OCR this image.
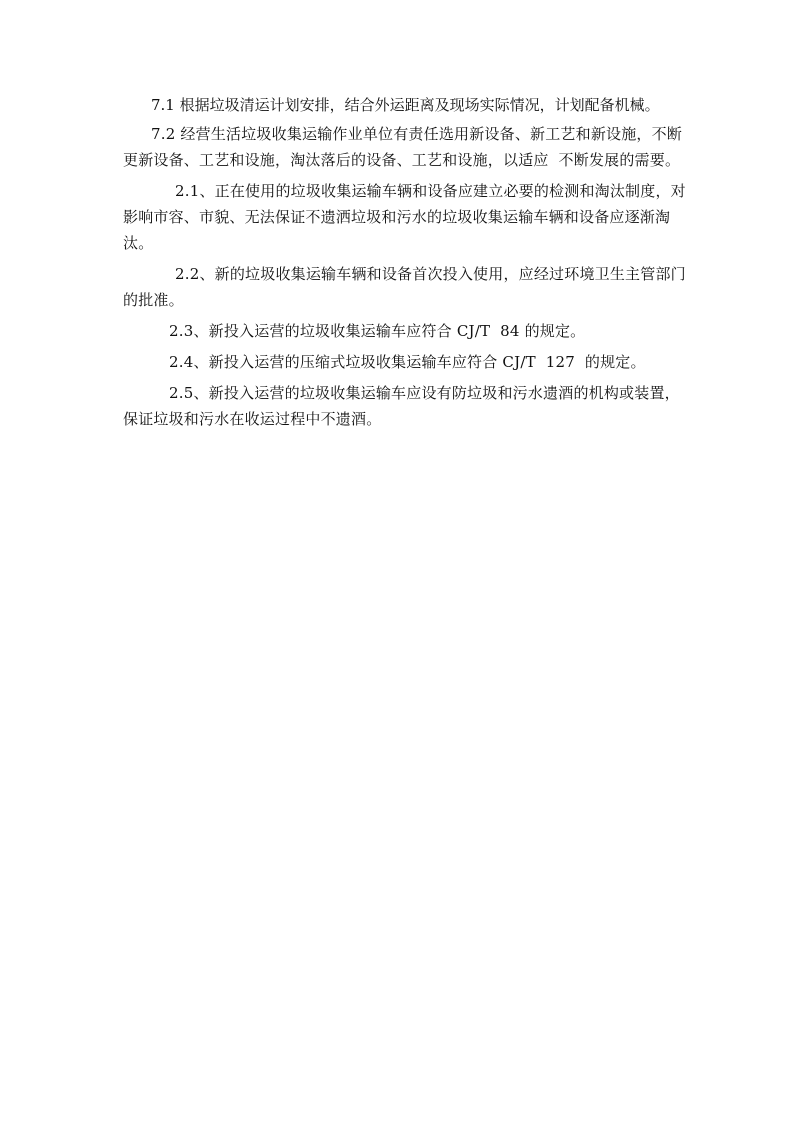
7.1 根据垃圾清运计划安排，结合外运距离及现场实际情况，计划配备机械。

7.2 经营生活垃圾收集运输作业单位有责任选用新设备、新工艺和新设施，不断更新设备、工艺和设施，淘汰落后的设备、工艺和设施，以适应  不断发展的需要。

2.1、正在使用的垃圾收集运输车辆和设备应建立必要的检测和淘汰制度，对影响市容、市貌、无法保证不遗洒垃圾和污水的垃圾收集运输车辆和设备应逐渐淘汰。

2.2、新的垃圾收集运输车辆和设备首次投入使用，应经过环境卫生主管部门的批准。

2.3、新投入运营的垃圾收集运输车应符合 CJ/T  84 的规定。

2.4、新投入运营的压缩式垃圾收集运输车应符合 CJ/T  127  的规定。

2.5、新投入运营的垃圾收集运输车应设有防垃圾和污水遗酒的机构或装置，保证垃圾和污水在收运过程中不遗酒。
